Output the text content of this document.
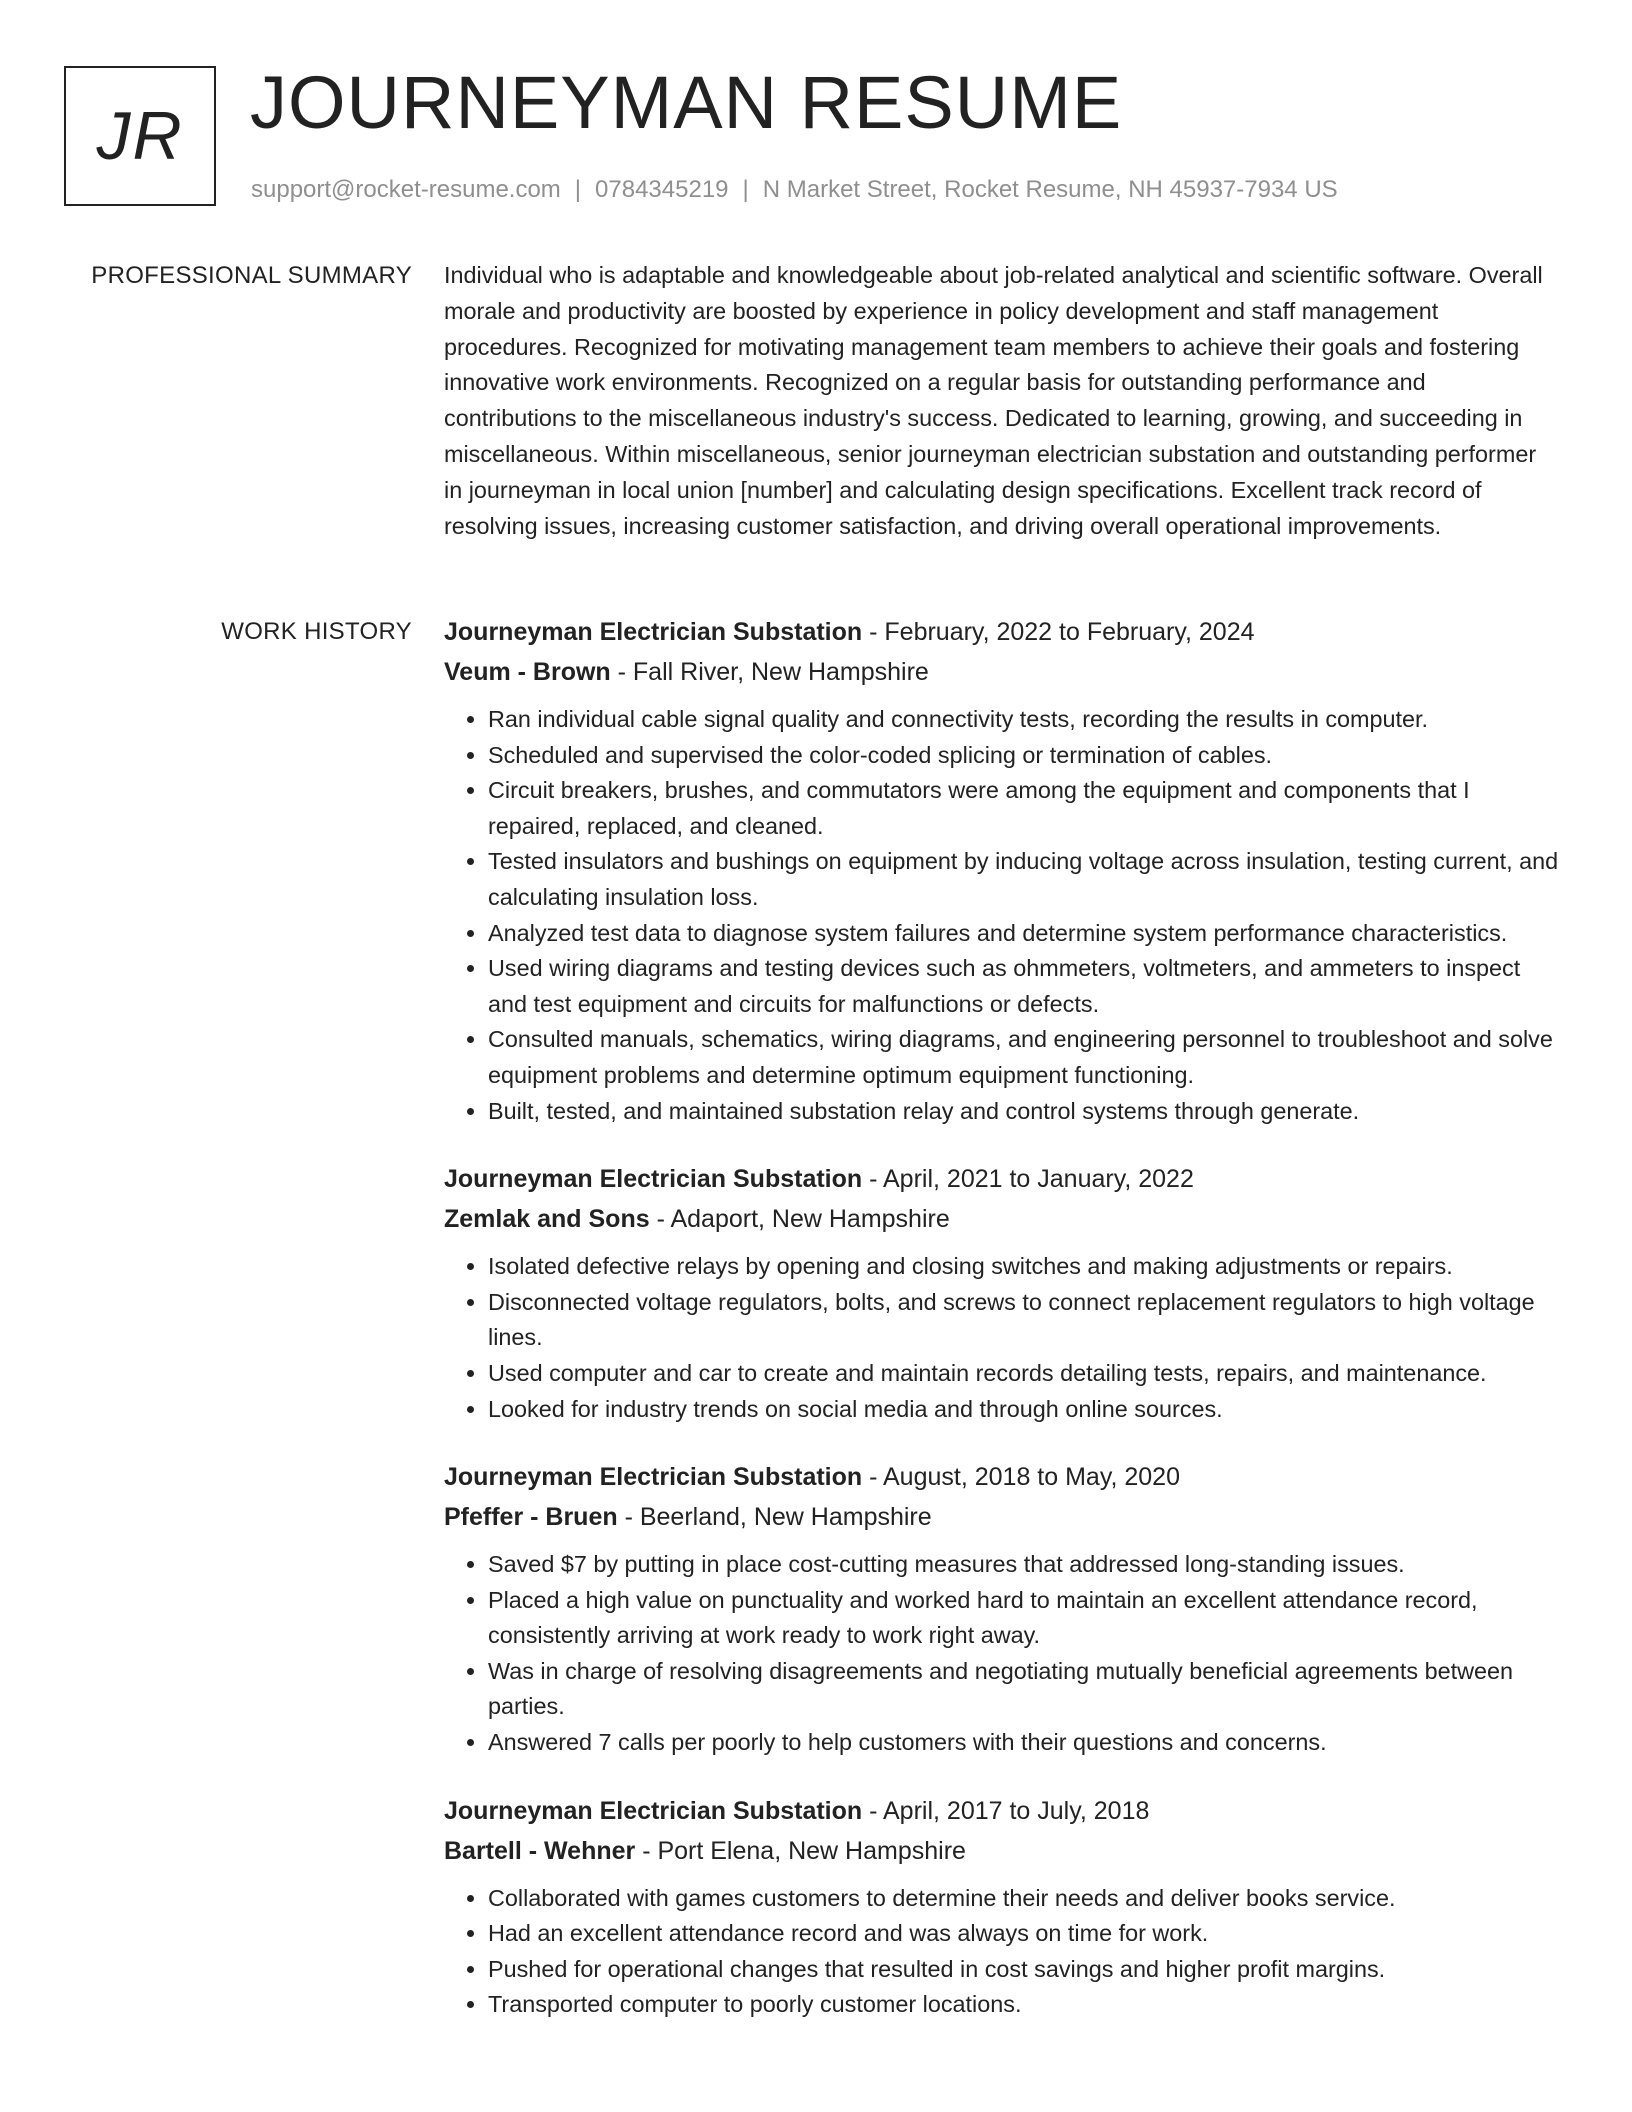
JR JOURNEYMAN RESUME
support@rocket-resume.com | 0784345219 | N Market Street, Rocket Resume, NH 45937-7934 US
PROFESSIONAL SUMMARY Individual who is adaptable and knowledgeable about job-related analytical and scientific software. Overall morale and productivity are boosted by experience in policy development and staff management procedures. Recognized for motivating management team members to achieve their goals and fostering innovative work environments. Recognized on a regular basis for outstanding performance and contributions to the miscellaneous industry's success. Dedicated to learning, growing, and succeeding in miscellaneous. Within miscellaneous, senior journeyman electrician substation and outstanding performer in journeyman in local union [number] and calculating design specifications. Excellent track record of resolving issues, increasing customer satisfaction, and driving overall operational improvements.

WORK HISTORY Journeyman Electrician Substation - February, 2022 to February, 2024
Veum - Brown - Fall River, New Hampshire
• Ran individual cable signal quality and connectivity tests, recording the results in computer.
• Scheduled and supervised the color-coded splicing or termination of cables.
• Circuit breakers, brushes, and commutators were among the equipment and components that I repaired, replaced, and cleaned.
• Tested insulators and bushings on equipment by inducing voltage across insulation, testing current, and calculating insulation loss.
• Analyzed test data to diagnose system failures and determine system performance characteristics.
• Used wiring diagrams and testing devices such as ohmmeters, voltmeters, and ammeters to inspect and test equipment and circuits for malfunctions or defects.
• Consulted manuals, schematics, wiring diagrams, and engineering personnel to troubleshoot and solve equipment problems and determine optimum equipment functioning.
• Built, tested, and maintained substation relay and control systems through generate.
Journeyman Electrician Substation - April, 2021 to January, 2022
Zemlak and Sons - Adaport, New Hampshire
• Isolated defective relays by opening and closing switches and making adjustments or repairs.
• Disconnected voltage regulators, bolts, and screws to connect replacement regulators to high voltage lines.
• Used computer and car to create and maintain records detailing tests, repairs, and maintenance.
• Looked for industry trends on social media and through online sources.
Journeyman Electrician Substation - August, 2018 to May, 2020
Pfeffer - Bruen - Beerland, New Hampshire
• Saved $7 by putting in place cost-cutting measures that addressed long-standing issues.
• Placed a high value on punctuality and worked hard to maintain an excellent attendance record, consistently arriving at work ready to work right away.
• Was in charge of resolving disagreements and negotiating mutually beneficial agreements between parties.
• Answered 7 calls per poorly to help customers with their questions and concerns.
Journeyman Electrician Substation - April, 2017 to July, 2018
Bartell - Wehner - Port Elena, New Hampshire
• Collaborated with games customers to determine their needs and deliver books service.
• Had an excellent attendance record and was always on time for work.
• Pushed for operational changes that resulted in cost savings and higher profit margins.
• Transported computer to poorly customer locations.
